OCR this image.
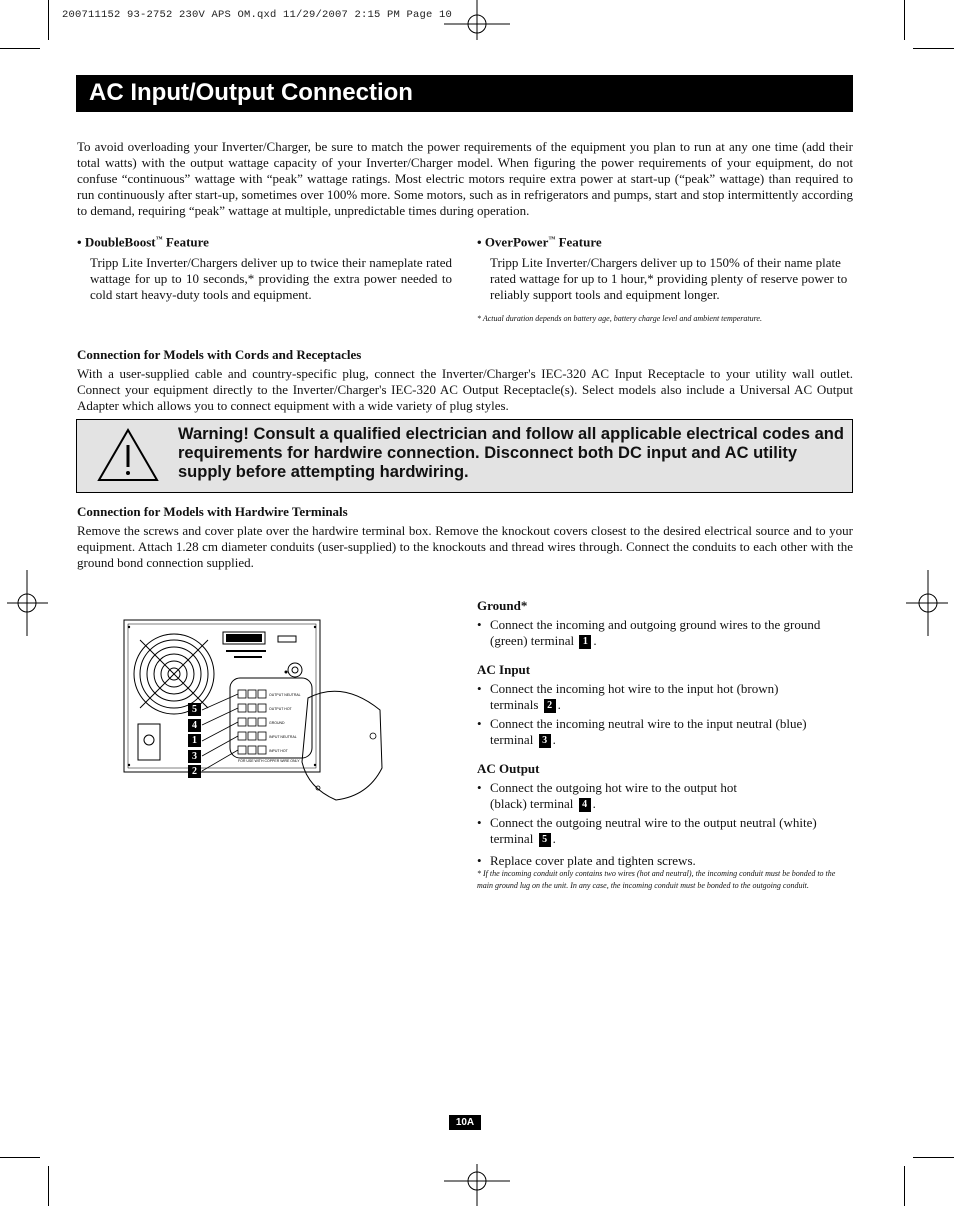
200711152 93-2752 230V APS OM.qxd 11/29/2007 2:15 PM Page 10
AC Input/Output Connection
To avoid overloading your Inverter/Charger, be sure to match the power requirements of the equipment you plan to run at any one time (add their total watts) with the output wattage capacity of your Inverter/Charger model. When figuring the power requirements of your equipment, do not confuse “continuous” wattage with “peak” wattage ratings. Most electric motors require extra power at start-up (“peak” wattage) than required to run continuously after start-up, sometimes over 100% more. Some motors, such as in refrigerators and pumps, start and stop intermittently according to demand, requiring “peak” wattage at multiple, unpredictable times during operation.
• DoubleBoost™ Feature
Tripp Lite Inverter/Chargers deliver up to twice their nameplate rated wattage for up to 10 seconds,* providing the extra power needed to cold start heavy-duty tools and equipment.
• OverPower™ Feature
Tripp Lite Inverter/Chargers deliver up to 150% of their name plate rated wattage for up to 1 hour,* providing plenty of reserve power to reliably support tools and equipment longer.
* Actual duration depends on battery age, battery charge level and ambient temperature.
Connection for Models with Cords and Receptacles
With a user-supplied cable and country-specific plug, connect the Inverter/Charger's IEC-320 AC Input Receptacle to your utility wall outlet. Connect your equipment directly to the Inverter/Charger's IEC-320 AC Output Receptacle(s). Select models also include a Universal AC Output Adapter which allows you to connect equipment with a wide variety of plug styles.
Warning! Consult a qualified electrician and follow all applicable electrical codes and requirements for hardwire connection. Disconnect both DC input and AC utility supply before attempting hardwiring.
Connection for Models with Hardwire Terminals
Remove the screws and cover plate over the hardwire terminal box. Remove the knockout covers closest to the desired electrical source and to your equipment. Attach 1.28 cm diameter conduits (user-supplied) to the knockouts and thread wires through. Connect the conduits to each other with the ground bond connection supplied.
OUTPUT NEUTRAL
OUTPUT HOT
GROUND
INPUT NEUTRAL
INPUT HOT
FOR USE WITH COPPER WIRE ONLY
5
4
1
3
2
Ground*
• Connect the incoming and outgoing ground wires to the ground (green) terminal 1 .
AC Input
• Connect the incoming hot wire to the input hot (brown) terminals 2 .
• Connect the incoming neutral wire to the input neutral (blue) terminal 3 .
AC Output
• Connect the outgoing hot wire to the output hot (black) terminal 4 .
• Connect the outgoing neutral wire to the output neutral (white) terminal 5 .
• Replace cover plate and tighten screws.
* If the incoming conduit only contains two wires (hot and neutral), the incoming conduit must be bonded to the main ground lug on the unit. In any case, the incoming conduit must be bonded to the outgoing conduit.
10A
